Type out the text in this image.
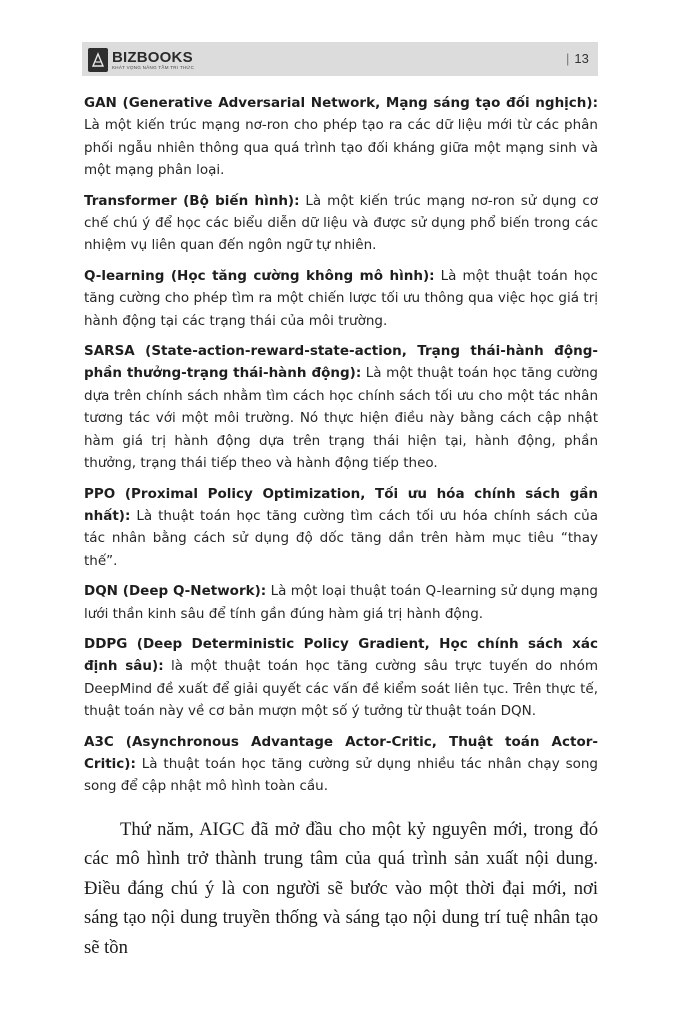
BIZBOOKS
KHÁT VỌNG NÂNG TẦM TRI THỨC
| 13

GAN (Generative Adversarial Network, Mạng sáng tạo đối nghịch): Là một kiến trúc mạng nơ-ron cho phép tạo ra các dữ liệu mới từ các phân phối ngẫu nhiên thông qua quá trình tạo đối kháng giữa một mạng sinh và một mạng phân loại.

Transformer (Bộ biến hình): Là một kiến trúc mạng nơ-ron sử dụng cơ chế chú ý để học các biểu diễn dữ liệu và được sử dụng phổ biến trong các nhiệm vụ liên quan đến ngôn ngữ tự nhiên.

Q-learning (Học tăng cường không mô hình): Là một thuật toán học tăng cường cho phép tìm ra một chiến lược tối ưu thông qua việc học giá trị hành động tại các trạng thái của môi trường.

SARSA (State-action-reward-state-action, Trạng thái-hành động-phần thưởng-trạng thái-hành động): Là một thuật toán học tăng cường dựa trên chính sách nhằm tìm cách học chính sách tối ưu cho một tác nhân tương tác với một môi trường. Nó thực hiện điều này bằng cách cập nhật hàm giá trị hành động dựa trên trạng thái hiện tại, hành động, phần thưởng, trạng thái tiếp theo và hành động tiếp theo.

PPO (Proximal Policy Optimization, Tối ưu hóa chính sách gần nhất): Là thuật toán học tăng cường tìm cách tối ưu hóa chính sách của tác nhân bằng cách sử dụng độ dốc tăng dần trên hàm mục tiêu “thay thế”.

DQN (Deep Q-Network): Là một loại thuật toán Q-learning sử dụng mạng lưới thần kinh sâu để tính gần đúng hàm giá trị hành động.

DDPG (Deep Deterministic Policy Gradient, Học chính sách xác định sâu): là một thuật toán học tăng cường sâu trực tuyến do nhóm DeepMind đề xuất để giải quyết các vấn đề kiểm soát liên tục. Trên thực tế, thuật toán này về cơ bản mượn một số ý tưởng từ thuật toán DQN.

A3C (Asynchronous Advantage Actor-Critic, Thuật toán Actor-Critic): Là thuật toán học tăng cường sử dụng nhiều tác nhân chạy song song để cập nhật mô hình toàn cầu.

Thứ năm, AIGC đã mở đầu cho một kỷ nguyên mới, trong đó các mô hình trở thành trung tâm của quá trình sản xuất nội dung. Điều đáng chú ý là con người sẽ bước vào một thời đại mới, nơi sáng tạo nội dung truyền thống và sáng tạo nội dung trí tuệ nhân tạo sẽ tồn
